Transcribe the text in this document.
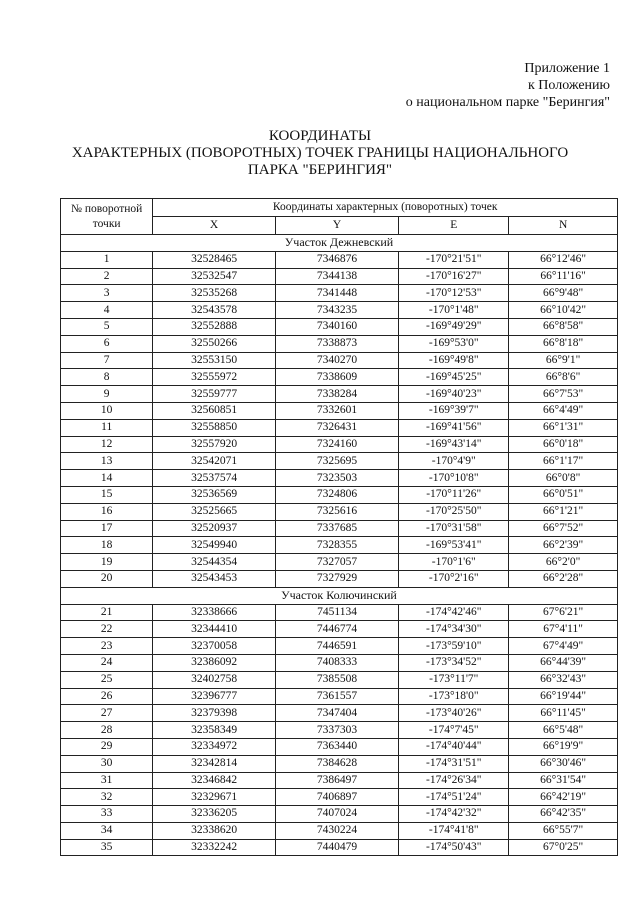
Приложение 1
к Положению
о национальном парке "Берингия"
КООРДИНАТЫ
ХАРАКТЕРНЫХ (ПОВОРОТНЫХ) ТОЧЕК ГРАНИЦЫ НАЦИОНАЛЬНОГО
ПАРКА "БЕРИНГИЯ"
№ поворотной точки	Координаты характерных (поворотных) точек			
	X	Y	E	N
Участок Дежневский				
1	32528465	7346876	-170°21'51"	66°12'46"
2	32532547	7344138	-170°16'27"	66°11'16"
3	32535268	7341448	-170°12'53"	66°9'48"
4	32543578	7343235	-170°1'48"	66°10'42"
5	32552888	7340160	-169°49'29"	66°8'58"
6	32550266	7338873	-169°53'0"	66°8'18"
7	32553150	7340270	-169°49'8"	66°9'1"
8	32555972	7338609	-169°45'25"	66°8'6"
9	32559777	7338284	-169°40'23"	66°7'53"
10	32560851	7332601	-169°39'7"	66°4'49"
11	32558850	7326431	-169°41'56"	66°1'31"
12	32557920	7324160	-169°43'14"	66°0'18"
13	32542071	7325695	-170°4'9"	66°1'17"
14	32537574	7323503	-170°10'8"	66°0'8"
15	32536569	7324806	-170°11'26"	66°0'51"
16	32525665	7325616	-170°25'50"	66°1'21"
17	32520937	7337685	-170°31'58"	66°7'52"
18	32549940	7328355	-169°53'41"	66°2'39"
19	32544354	7327057	-170°1'6"	66°2'0"
20	32543453	7327929	-170°2'16"	66°2'28"
Участок Колючинский				
21	32338666	7451134	-174°42'46"	67°6'21"
22	32344410	7446774	-174°34'30"	67°4'11"
23	32370058	7446591	-173°59'10"	67°4'49"
24	32386092	7408333	-173°34'52"	66°44'39"
25	32402758	7385508	-173°11'7"	66°32'43"
26	32396777	7361557	-173°18'0"	66°19'44"
27	32379398	7347404	-173°40'26"	66°11'45"
28	32358349	7337303	-174°7'45"	66°5'48"
29	32334972	7363440	-174°40'44"	66°19'9"
30	32342814	7384628	-174°31'51"	66°30'46"
31	32346842	7386497	-174°26'34"	66°31'54"
32	32329671	7406897	-174°51'24"	66°42'19"
33	32336205	7407024	-174°42'32"	66°42'35"
34	32338620	7430224	-174°41'8"	66°55'7"
35	32332242	7440479	-174°50'43"	67°0'25"
